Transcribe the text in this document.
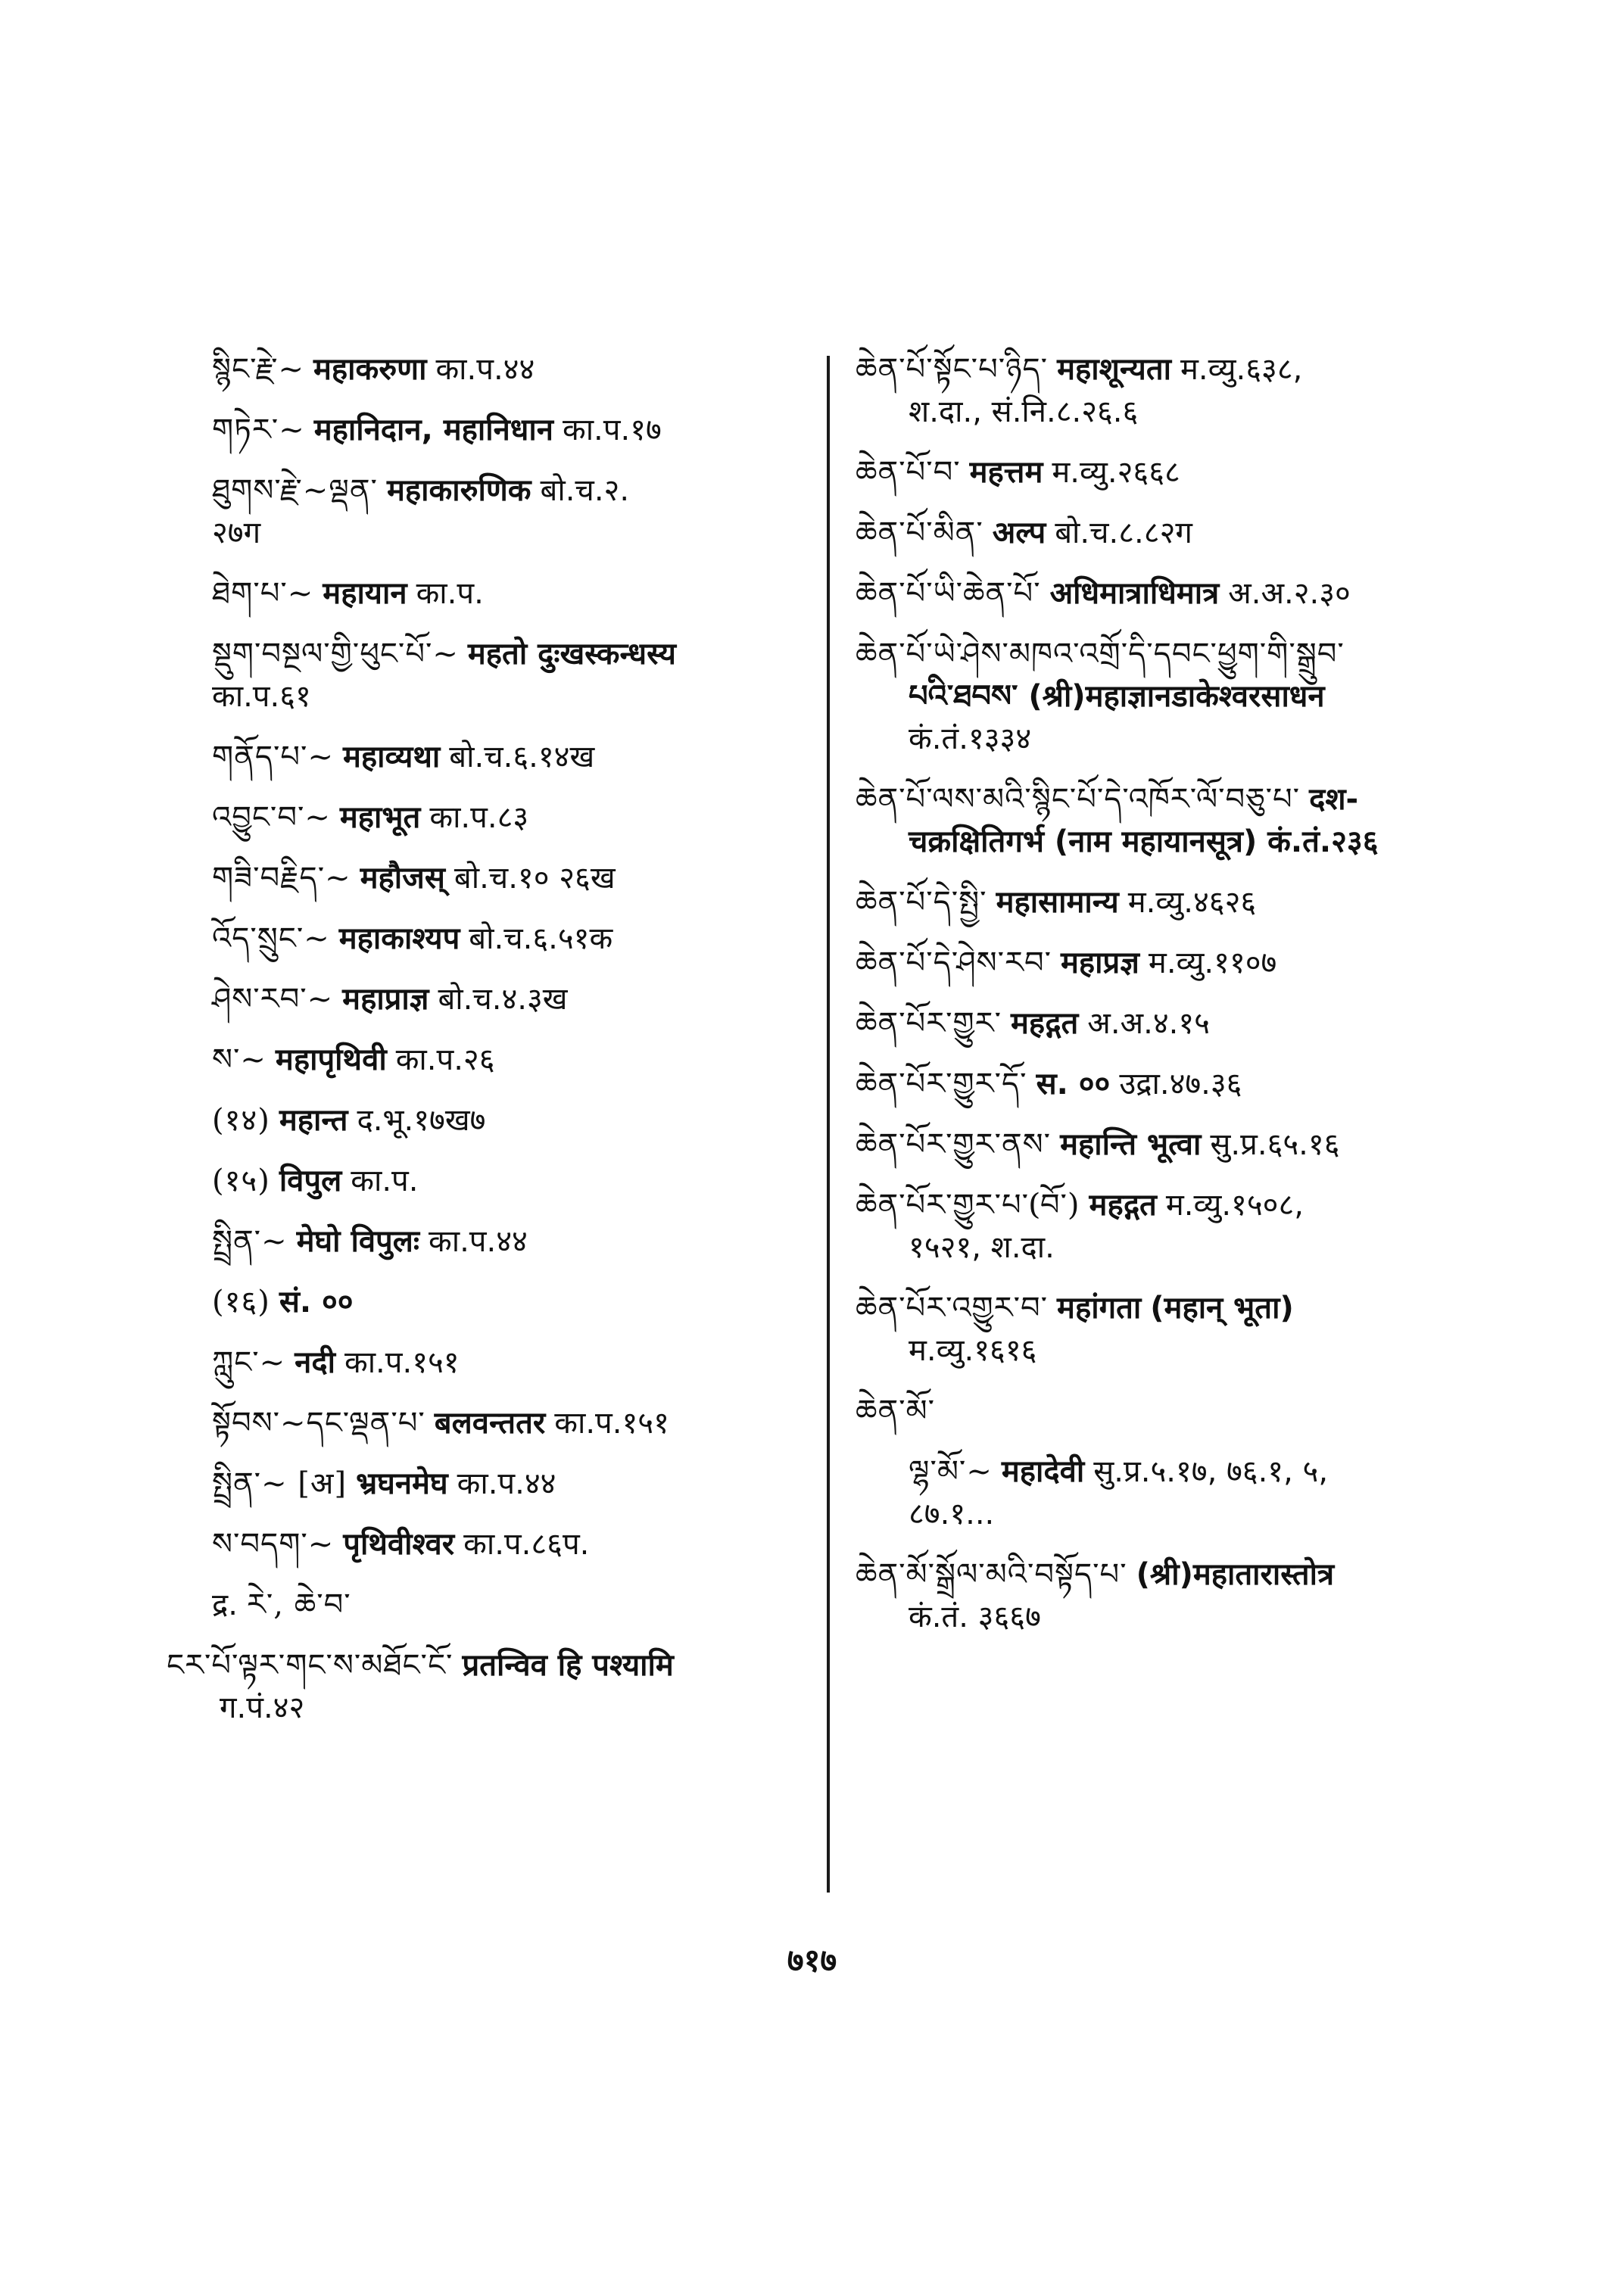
སྙིང་རྗེ་~ महाकरुणा का.प.४४
གཏེར་~ महानिदान, महानिधान का.प.१७
ཐུགས་རྗེ་~ལྡན་ महाकारुणिक बो.च.२.
२७ग
ཐེག་པ་~ महायान का.प.
སྡུག་བསྔལ་གྱི་ཕུང་པོ་~ महतो दुःखस्कन्धस्य
का.प.६१
གནོད་པ་~ महाव्यथा बो.च.६.१४ख
འབྱུང་བ་~ महाभूत का.प.८३
གཟི་བརྗིད་~ महौजस् बो.च.१० २६ख
འོད་སྲུང་~ महाकाश्यप बो.च.६.५१क
ཤེས་རབ་~ महाप्राज्ञ बो.च.४.३ख
ས་~ महापृथिवी का.प.२६
(१४) महान्त द.भू.१७ख७
(१५) विपुल का.प.
སྤྲིན་~ मेघो विपुलः का.प.४४
(१६) सं. ००
ཀླུང་~ नदी का.प.१५१
སྟོབས་~དང་ལྡན་པ་ बलवन्ततर का.प.१५१
སྤྲིན་~ [अ] भ्रघनमेघ का.प.४४
ས་བདག་~ पृथिवीश्वर का.प.८६प.
द्र. རེ་, ཆེ་བ་
ངར་པོ་ལྟར་གང་ས་མཐོང་ངོ་ प्रतन्विव हि पश्यामि
ग.पं.४२
ཆེན་པོ་སྟོང་པ་ཉིད་ महाशून्यता म.व्यु.६३८,
श.दा., सं.नि.८.२६.६
ཆེན་པོ་བ་ महत्तम म.व्यु.२६६८
ཆེན་པོ་མིན་ अल्प बो.च.८.८२ग
ཆེན་པོ་ཡི་ཆེན་པོ་ अधिमात्राधिमात्र अ.अ.२.३०
ཆེན་པོ་ཡེ་ཤེས་མཁའ་འགྲོ་དི་དབང་ཕྱུག་གི་སྒྲུབ་
པའི་ཐབས་ (श्री)महाज्ञानडाकेश्वरसाधन
कं.तं.१३३४
ཆེན་པོ་ལས་མའི་སྙིང་པོ་དེ་འཁོར་ལོ་བཅུ་པ་ दश-
चक्रक्षितिगर्भ (नाम महायानसूत्र) कं.तं.२३६
ཆེན་པོ་དེ་སྤྱི་ महासामान्य म.व्यु.४६२६
ཆེན་པོ་དེ་ཤེས་རབ་ महाप्रज्ञ म.व्यु.११०७
ཆེན་པོར་གྱུར་ महद्गत अ.अ.४.१५
ཆེན་པོར་གྱུར་དོ་ स. ०० उद्रा.४७.३६
ཆེན་པོར་གྱུར་ནས་ महान्ति भूत्वा सु.प्र.६५.१६
ཆེན་པོར་གྱུར་པ་(ོབ་) महद्गत म.व्यु.१५०८,
१५२१, श.दा.
ཆེན་པོར་འགྱུར་བ་ महांगता (महान् भूता)
म.व्यु.१६१६
ཆེན་མོ་
ལྷ་མོ་~ महादेवी सु.प्र.५.१७, ७६.१, ५,
८७.१...
ཆེན་མོ་སྒྲོལ་མའི་བསྟོད་པ་ (श्री)महातारास्तोत्र
कं.तं. ३६६७
७१७
